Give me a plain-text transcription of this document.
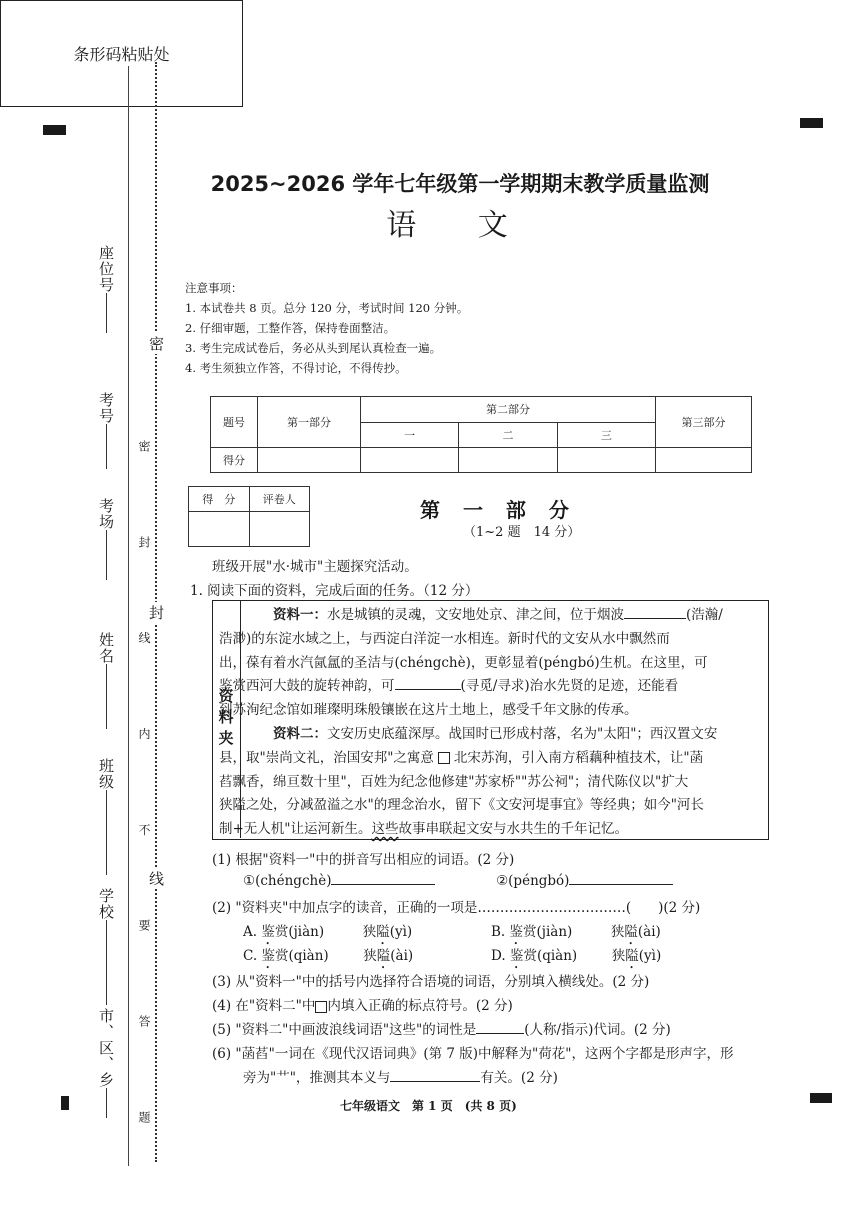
座位号
考号
考场
姓名
班级
学校
市、区、乡
密
封
线
密 封 线 内 不 要 答 题
2025~2026 学年七年级第一学期期末教学质量监测
语 文
注意事项：
1. 本试卷共 8 页。总分 120 分，考试时间 120 分钟。
2. 仔细审题，工整作答，保持卷面整洁。
3. 考生完成试卷后，务必从头到尾认真检查一遍。
4. 考生须独立作答，不得讨论，不得传抄。
条形码粘贴处
题号	第一部分	第二部分			第三部分
		一	二	三	
得分					
得　分	评卷人
		第 一 部 分
（1~2 题　14 分）
班级开展"水·城市"主题探究活动。
1. 阅读下面的资料，完成后面的任务。（12 分）
资料夹

资料一：水是城镇的灵魂，文安地处京、津之间，位于烟波	(浩瀚/
浩渺)的东淀水域之上，与西淀白洋淀一水相连。新时代的文安从水中飘然而
出，葆有着水汽氤氲的圣洁与(chéngchè)，更彰显着(péngbó)生机。在这里，可
鉴赏西河大鼓的旋转神韵，可	(寻觅/寻求)治水先贤的足迹，还能看
到苏洵纪念馆如璀璨明珠般镶嵌在这片土地上，感受千年文脉的传承。

资料二：文安历史底蕴深厚。战国时已形成村落，名为"太阳"；西汉置文安
县，取"崇尚文礼，治国安邦"之寓意 北宋苏洵，引入南方稻藕种植技术，让"菡
萏飘香，绵亘数十里"，百姓为纪念他修建"苏家桥""苏公祠"；清代陈仪以"扩大
狭隘之处，分减盈溢之水"的理念治水，留下《文安河堤事宜》等经典；如今"河长
制+无人机"让运河新生。这些故事串联起文安与水共生的千年记忆。

(1) 根据"资料一"中的拼音写出相应的词语。(2 分)
①(chéngchè)	②(péngbó)
(2) "资料夹"中加点字的读音，正确的一项是……………………………(　　)(2 分)
A. 鉴赏(jiàn)	狭隘(yì)	B. 鉴赏(jiàn)	狭隘(ài)
C. 鉴赏(qiàn)	狭隘(ài)	D. 鉴赏(qiàn)	狭隘(yì)
(3) 从"资料一"中的括号内选择符合语境的词语，分别填入横线处。(2 分)
(4) 在"资料二"中 内填入正确的标点符号。(2 分)
(5) "资料二"中画波浪线词语"这些"的词性是	(人称/指示)代词。(2 分)
(6) "菡萏"一词在《现代汉语词典》(第 7 版)中解释为"荷花"，这两个字都是形声字，形
旁为"艹"，推测其本义与	有关。(2 分)
七年级语文　第 1 页　(共 8 页)
